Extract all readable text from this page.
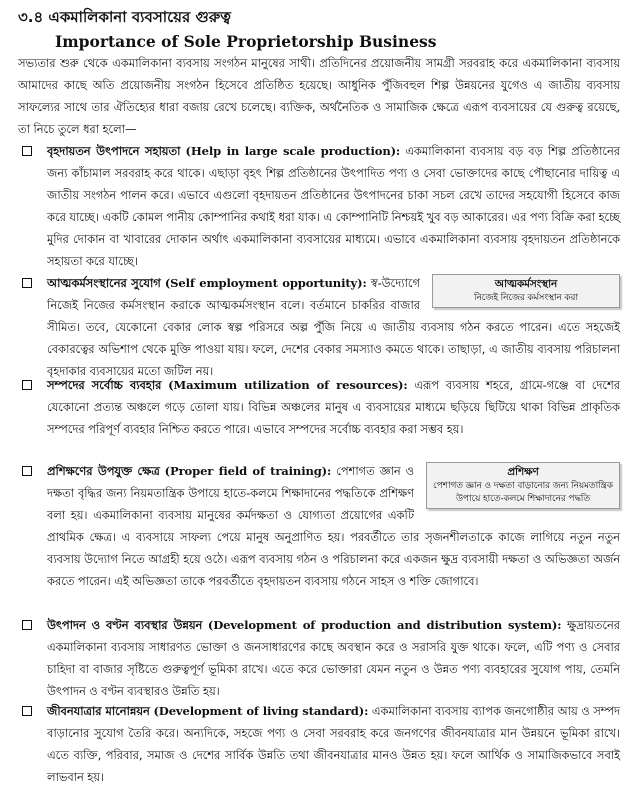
৩.৪ একমালিকানা ব্যবসায়ের গুরুত্ব
Importance of Sole Proprietorship Business
সভ্যতার শুরু থেকে একমালিকানা ব্যবসায় সংগঠন মানুষের সাথী। প্রতিদিনের প্রয়োজনীয় সামগ্রী সরবরাহ করে একমালিকানা ব্যবসায় আমাদের কাছে অতি প্রয়োজনীয় সংগঠন হিসেবে প্রতিষ্ঠিত হয়েছে। আধুনিক পুঁজিবহুল শিল্প উন্নয়নের যুগেও এ জাতীয় ব্যবসায় সাফল্যের সাথে তার ঐতিহ্যের ধারা বজায় রেখে চলেছে। ব্যক্তিক, অর্থনৈতিক ও সামাজিক ক্ষেত্রে এরূপ ব্যবসায়ের যে গুরুত্ব রয়েছে, তা নিচে তুলে ধরা হলো—
বৃহদায়তন উৎপাদনে সহায়তা (Help in large scale production): একমালিকানা ব্যবসায় বড় বড় শিল্প প্রতিষ্ঠানের জন্য কাঁচামাল সরবরাহ করে থাকে। এছাড়া বৃহৎ শিল্প প্রতিষ্ঠানের উৎপাদিত পণ্য ও সেবা ভোক্তাদের কাছে পৌছানোর দায়িত্ব এ জাতীয় সংগঠন পালন করে। এভাবে এগুলো বৃহদায়তন প্রতিষ্ঠানের উৎপাদনের চাকা সচল রেখে তাদের সহযোগী হিসেবে কাজ করে যাচ্ছে। একটি কোমল পানীয় কোম্পানির কথাই ধরা যাক। এ কোম্পানিটি নিশ্চয়ই খুব বড় আকারের। এর পণ্য বিক্রি করা হচ্ছে মুদির দোকান বা খাবারের দোকান অর্থাৎ একমালিকানা ব্যবসায়ের মাধ্যমে। এভাবে একমালিকানা ব্যবসায় বৃহদায়তন প্রতিষ্ঠানকে সহায়তা করে যাচ্ছে।
আত্মকর্মসংস্থান
নিজেই নিজের কর্মসংস্থান করা
আত্মকর্মসংস্থানের সুযোগ (Self employment opportunity): স্ব-উদ্যোগে নিজেই নিজের কর্মসংস্থান করাকে আত্মকর্মসংস্থান বলে। বর্তমানে চাকরির বাজার সীমিত। তবে, যেকোনো বেকার লোক স্বল্প পরিসরে অল্প পুঁজি নিয়ে এ জাতীয় ব্যবসায় গঠন করতে পারেন। এতে সহজেই বেকারত্বের অভিশাপ থেকে মুক্তি পাওয়া যায়। ফলে, দেশের বেকার সমস্যাও কমতে থাকে। তাছাড়া, এ জাতীয় ব্যবসায় পরিচালনা বৃহদাকার ব্যবসায়ের মতো জটিল নয়।
সম্পদের সর্বোচ্চ ব্যবহার (Maximum utilization of resources): এরূপ ব্যবসায় শহরে, গ্রামে-গঞ্জে বা দেশের যেকোনো প্রত্যন্ত অঞ্চলে গড়ে তোলা যায়। বিভিন্ন অঞ্চলের মানুষ এ ব্যবসায়ের মাধ্যমে ছড়িয়ে ছিটিয়ে থাকা বিভিন্ন প্রাকৃতিক সম্পদের পরিপূর্ণ ব্যবহার নিশ্চিত করতে পারে। এভাবে সম্পদের সর্বোচ্চ ব্যবহার করা সম্ভব হয়।
প্রশিক্ষণ
পেশাগত জ্ঞান ও দক্ষতা বাড়ানোর জন্য নিয়মতান্ত্রিক উপায়ে হাতে-কলমে শিক্ষাদানের পদ্ধতি
প্রশিক্ষণের উপযুক্ত ক্ষেত্র (Proper field of training): পেশাগত জ্ঞান ও দক্ষতা বৃদ্ধির জন্য নিয়মতান্ত্রিক উপায়ে হাতে-কলমে শিক্ষাদানের পদ্ধতিকে প্রশিক্ষণ বলা হয়। একমালিকানা ব্যবসায় মানুষের কর্মদক্ষতা ও যোগ্যতা প্রয়োগের একটি প্রাথমিক ক্ষেত্র। এ ব্যবসায়ে সাফল্য পেয়ে মানুষ অনুপ্রাণিত হয়। পরবর্তীতে তার সৃজনশীলতাকে কাজে লাগিয়ে নতুন নতুন ব্যবসায় উদ্যোগ নিতে আগ্রহী হয়ে ওঠে। এরূপ ব্যবসায় গঠন ও পরিচালনা করে একজন ক্ষুদ্র ব্যবসায়ী দক্ষতা ও অভিজ্ঞতা অর্জন করতে পারেন। এই অভিজ্ঞতা তাকে পরবর্তীতে বৃহদায়তন ব্যবসায় গঠনে সাহস ও শক্তি জোগাবে।
উৎপাদন ও বণ্টন ব্যবস্থার উন্নয়ন (Development of production and distribution system): ক্ষুদ্রায়তনের একমালিকানা ব্যবসায় সাধারণত ভোক্তা ও জনসাধারণের কাছে অবস্থান করে ও সরাসরি যুক্ত থাকে। ফলে, এটি পণ্য ও সেবার চাহিদা বা বাজার সৃষ্টিতে গুরুত্বপূর্ণ ভূমিকা রাখে। এতে করে ভোক্তারা যেমন নতুন ও উন্নত পণ্য ব্যবহারের সুযোগ পায়, তেমনি উৎপাদন ও বণ্টন ব্যবস্থারও উন্নতি হয়।
জীবনযাত্রার মানোন্নয়ন (Development of living standard): একমালিকানা ব্যবসায় ব্যাপক জনগোষ্ঠীর আয় ও সম্পদ বাড়ানোর সুযোগ তৈরি করে। অন্যদিকে, সহজে পণ্য ও সেবা সরবরাহ করে জনগণের জীবনযাত্রার মান উন্নয়নে ভূমিকা রাখে। এতে ব্যক্তি, পরিবার, সমাজ ও দেশের সার্বিক উন্নতি তথা জীবনযাত্রার মানও উন্নত হয়। ফলে আর্থিক ও সামাজিকভাবে সবাই লাভবান হয়।
